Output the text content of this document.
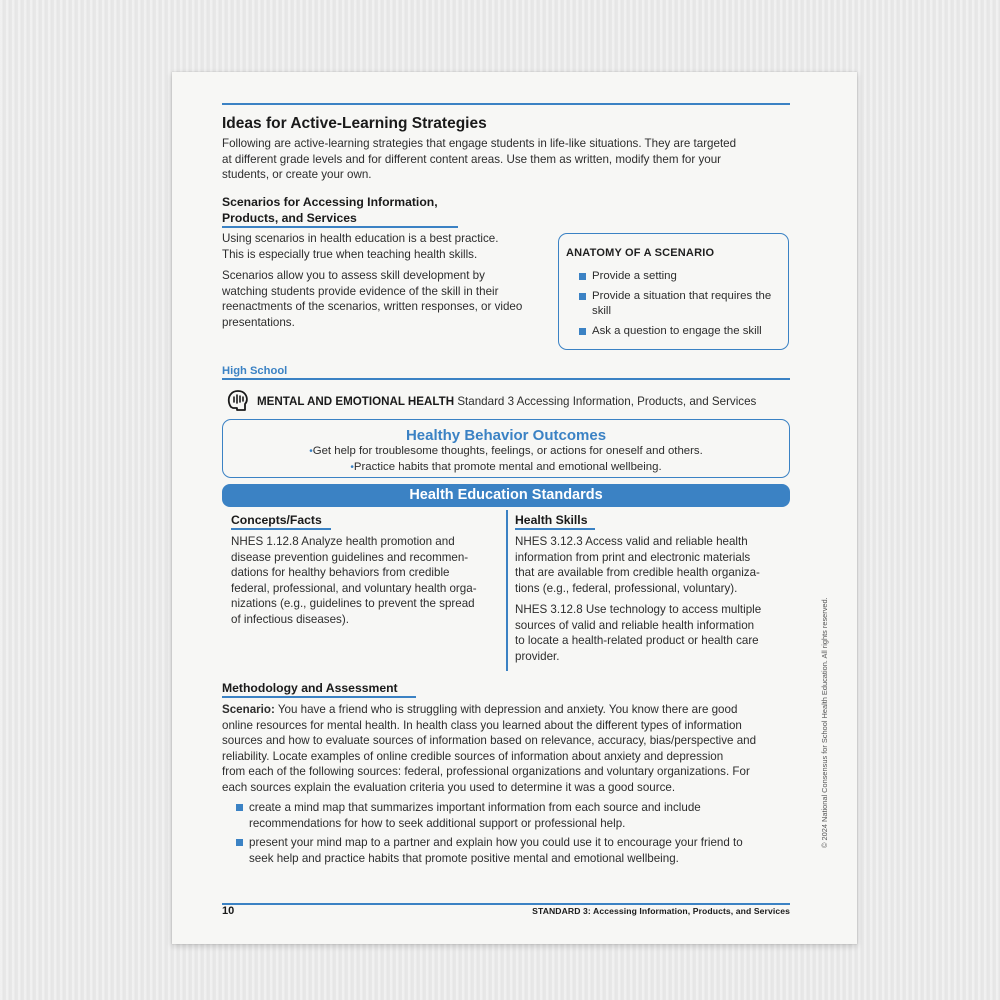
Ideas for Active-Learning Strategies
Following are active-learning strategies that engage students in life-like situations. They are targeted
at different grade levels and for different content areas. Use them as written, modify them for your
students, or create your own.
Scenarios for Accessing Information,
Products, and Services
Using scenarios in health education is a best practice.
This is especially true when teaching health skills.
Scenarios allow you to assess skill development by
watching students provide evidence of the skill in their
reenactments of the scenarios, written responses, or video
presentations.
ANATOMY OF A SCENARIO
Provide a setting
Provide a situation that requires the skill
Ask a question to engage the skill
High School
MENTAL AND EMOTIONAL HEALTH Standard 3 Accessing Information, Products, and Services
Healthy Behavior Outcomes
•Get help for troublesome thoughts, feelings, or actions for oneself and others.
•Practice habits that promote mental and emotional wellbeing.
Health Education Standards
Concepts/Facts
NHES 1.12.8 Analyze health promotion and
disease prevention guidelines and recommen-
dations for healthy behaviors from credible
federal, professional, and voluntary health orga-
nizations (e.g., guidelines to prevent the spread
of infectious diseases).
Health Skills
NHES 3.12.3 Access valid and reliable health
information from print and electronic materials
that are available from credible health organiza-
tions (e.g., federal, professional, voluntary).
NHES 3.12.8 Use technology to access multiple
sources of valid and reliable health information
to locate a health-related product or health care
provider.
Methodology and Assessment
Scenario: You have a friend who is struggling with depression and anxiety. You know there are good
online resources for mental health. In health class you learned about the different types of information
sources and how to evaluate sources of information based on relevance, accuracy, bias/perspective and
reliability. Locate examples of online credible sources of information about anxiety and depression
from each of the following sources: federal, professional organizations and voluntary organizations. For
each sources explain the evaluation criteria you used to determine it was a good source.
create a mind map that summarizes important information from each source and include
recommendations for how to seek additional support or professional help.
present your mind map to a partner and explain how you could use it to encourage your friend to
seek help and practice habits that promote positive mental and emotional wellbeing.
10	STANDARD 3: Accessing Information, Products, and Services
© 2024 National Consensus for School Health Education. All rights reserved.
